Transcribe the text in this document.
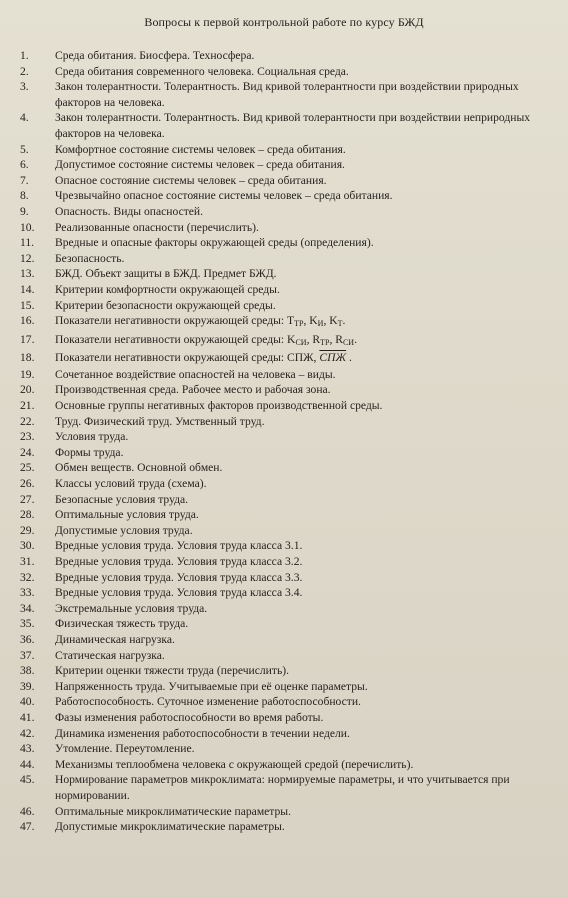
Вопросы к первой контрольной работе по курсу БЖД
1.	Среда обитания. Биосфера. Техносфера.
2.	Среда обитания современного человека. Социальная среда.
3.	Закон толерантности. Толерантность. Вид кривой толерантности при воздействии природных факторов на человека.
4.	Закон толерантности. Толерантность. Вид кривой толерантности при воздействии неприродных факторов на человека.
5.	Комфортное состояние системы человек – среда обитания.
6.	Допустимое состояние системы человек – среда обитания.
7.	Опасное состояние системы человек – среда обитания.
8.	Чрезвычайно опасное состояние системы человек – среда обитания.
9.	Опасность. Виды опасностей.
10.	Реализованные опасности (перечислить).
11.	Вредные и опасные факторы окружающей среды (определения).
12.	Безопасность.
13.	БЖД. Объект защиты в БЖД. Предмет БЖД.
14.	Критерии комфортности окружающей среды.
15.	Критерии безопасности окружающей среды.
16.	Показатели негативности окружающей среды: $T_{ТР}$, $K_И$, $K_Т$.
17.	Показатели негативности окружающей среды: $K_{СИ}$, $R_{ТР}$, $R_{СИ}$.
18.	Показатели негативности окружающей среды: СПЖ, СПЖ .
19.	Сочетанное воздействие опасностей на человека – виды.
20.	Производственная среда. Рабочее место и рабочая зона.
21.	Основные группы негативных факторов производственной среды.
22.	Труд. Физический труд. Умственный труд.
23.	Условия труда.
24.	Формы труда.
25.	Обмен веществ. Основной обмен.
26.	Классы условий труда (схема).
27.	Безопасные условия труда.
28.	Оптимальные условия труда.
29.	Допустимые условия труда.
30.	Вредные условия труда. Условия труда класса 3.1.
31.	Вредные условия труда. Условия труда класса 3.2.
32.	Вредные условия труда. Условия труда класса 3.3.
33.	Вредные условия труда. Условия труда класса 3.4.
34.	Экстремальные условия труда.
35.	Физическая тяжесть труда.
36.	Динамическая нагрузка.
37.	Статическая нагрузка.
38.	Критерии оценки тяжести труда (перечислить).
39.	Напряженность труда. Учитываемые при её оценке параметры.
40.	Работоспособность. Суточное изменение работоспособности.
41.	Фазы изменения работоспособности во время работы.
42.	Динамика изменения работоспособности в течении недели.
43.	Утомление. Переутомление.
44.	Механизмы теплообмена человека с окружающей средой (перечислить).
45.	Нормирование параметров микроклимата: нормируемые параметры, и что учитывается при нормировании.
46.	Оптимальные микроклиматические параметры.
47.	Допустимые микроклиматические параметры.
